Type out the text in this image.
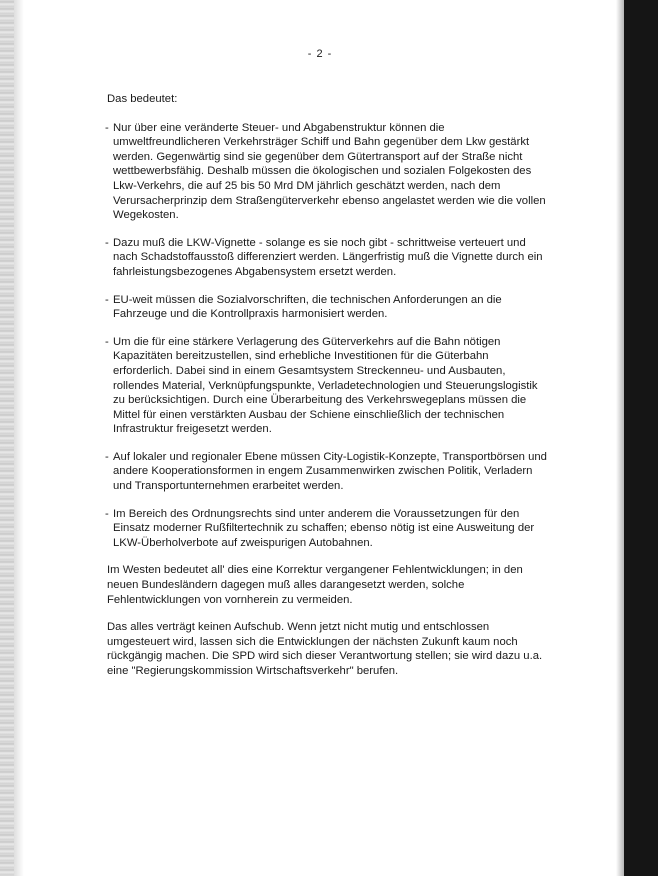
- 2 -

Das bedeutet:

- Nur über eine veränderte Steuer- und Abgabenstruktur können die umweltfreundlicheren Verkehrsträger Schiff und Bahn gegenüber dem Lkw gestärkt werden. Gegenwärtig sind sie gegenüber dem Gütertransport auf der Straße nicht wettbewerbsfähig. Deshalb müssen die ökologischen und sozialen Folgekosten des Lkw-Verkehrs, die auf 25 bis 50 Mrd DM jährlich geschätzt werden, nach dem Verursacherprinzip dem Straßengüterverkehr ebenso angelastet werden wie die vollen Wegekosten.
- Dazu muß die LKW-Vignette - solange es sie noch gibt - schrittweise verteuert und nach Schadstoffausstoß differenziert werden. Längerfristig muß die Vignette durch ein fahrleistungsbezogenes Abgabensystem ersetzt werden.
- EU-weit müssen die Sozialvorschriften, die technischen Anforderungen an die Fahrzeuge und die Kontrollpraxis harmonisiert werden.
- Um die für eine stärkere Verlagerung des Güterverkehrs auf die Bahn nötigen Kapazitäten bereitzustellen, sind erhebliche Investitionen für die Güterbahn erforderlich. Dabei sind in einem Gesamtsystem Streckenneu- und Ausbauten, rollendes Material, Verknüpfungspunkte, Verladetechnologien und Steuerungslogistik zu berücksichtigen. Durch eine Überarbeitung des Verkehrswegeplans müssen die Mittel für einen verstärkten Ausbau der Schiene einschließlich der technischen Infrastruktur freigesetzt werden.
- Auf lokaler und regionaler Ebene müssen City-Logistik-Konzepte, Transportbörsen und andere Kooperationsformen in engem Zusammenwirken zwischen Politik, Verladern und Transportunternehmen erarbeitet werden.
- Im Bereich des Ordnungsrechts sind unter anderem die Voraussetzungen für den Einsatz moderner Rußfiltertechnik zu schaffen; ebenso nötig ist eine Ausweitung der LKW-Überholverbote auf zweispurigen Autobahnen.

Im Westen bedeutet all' dies eine Korrektur vergangener Fehlentwicklungen; in den neuen Bundesländern dagegen muß alles darangesetzt werden, solche Fehlentwicklungen von vornherein zu vermeiden.

Das alles verträgt keinen Aufschub. Wenn jetzt nicht mutig und entschlossen umgesteuert wird, lassen sich die Entwicklungen der nächsten Zukunft kaum noch rückgängig machen. Die SPD wird sich dieser Verantwortung stellen; sie wird dazu u.a. eine "Regierungskommission Wirtschaftsverkehr" berufen.
